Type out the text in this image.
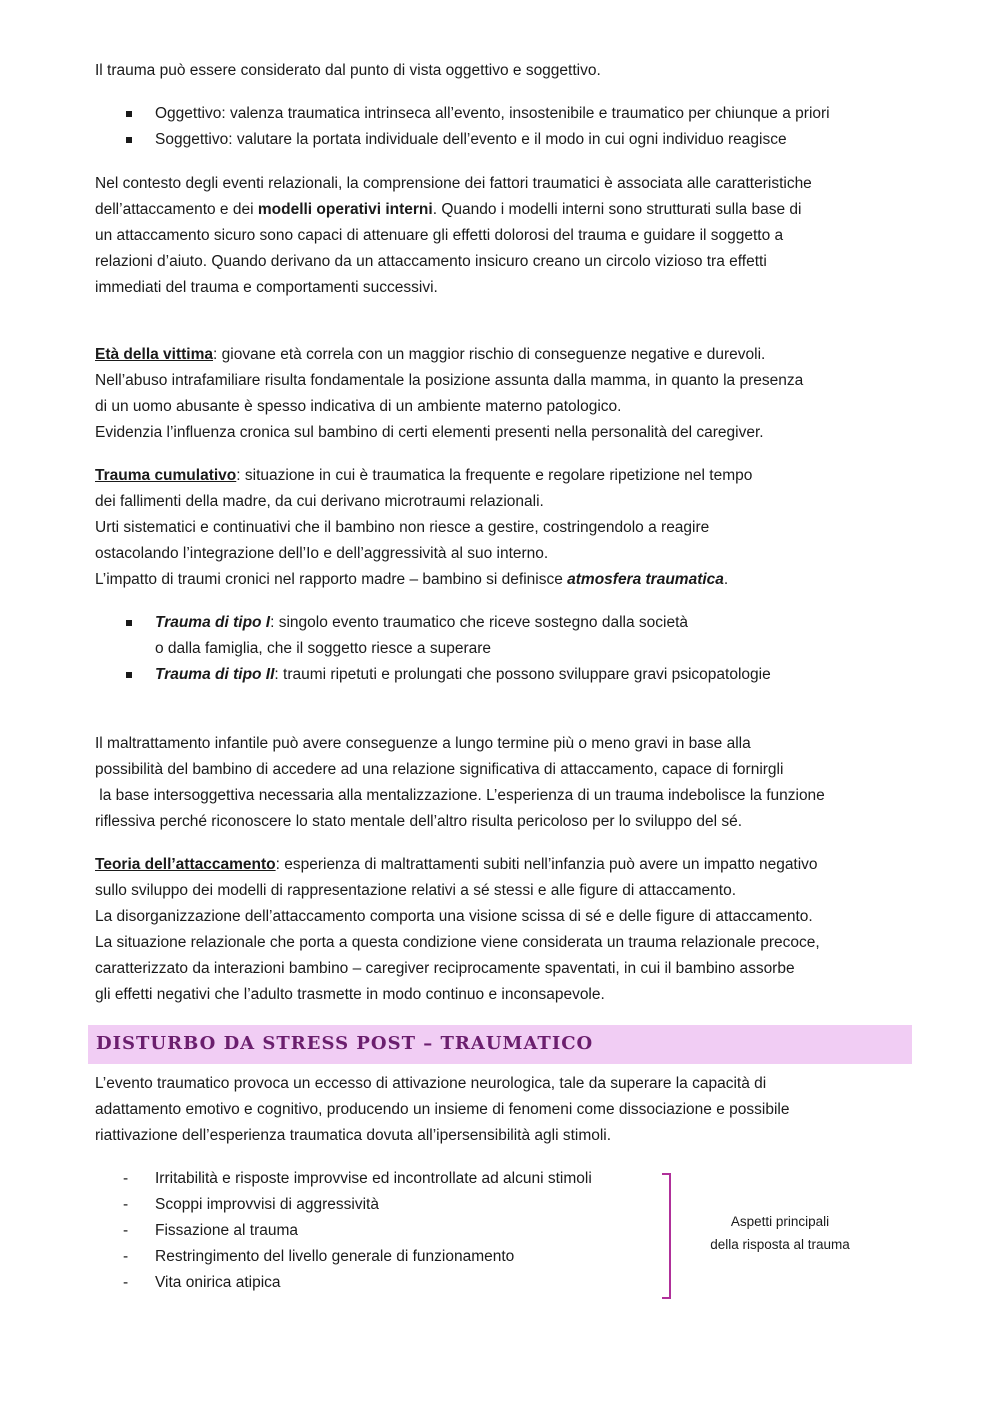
Il trauma può essere considerato dal punto di vista oggettivo e soggettivo.

Oggettivo: valenza traumatica intrinseca all’evento, insostenibile e traumatico per chiunque a priori
Soggettivo: valutare la portata individuale dell’evento e il modo in cui ogni individuo reagisce

Nel contesto degli eventi relazionali, la comprensione dei fattori traumatici è associata alle caratteristiche
dell’attaccamento e dei modelli operativi interni. Quando i modelli interni sono strutturati sulla base di
un attaccamento sicuro sono capaci di attenuare gli effetti dolorosi del trauma e guidare il soggetto a
relazioni d’aiuto. Quando derivano da un attaccamento insicuro creano un circolo vizioso tra effetti
immediati del trauma e comportamenti successivi.

Età della vittima: giovane età correla con un maggior rischio di conseguenze negative e durevoli.
Nell’abuso intrafamiliare risulta fondamentale la posizione assunta dalla mamma, in quanto la presenza
di un uomo abusante è spesso indicativa di un ambiente materno patologico.
Evidenzia l’influenza cronica sul bambino di certi elementi presenti nella personalità del caregiver.

Trauma cumulativo: situazione in cui è traumatica la frequente e regolare ripetizione nel tempo
dei fallimenti della madre, da cui derivano microtraumi relazionali.
Urti sistematici e continuativi che il bambino non riesce a gestire, costringendolo a reagire
ostacolando l’integrazione dell’Io e dell’aggressività al suo interno.
L’impatto di traumi cronici nel rapporto madre – bambino si definisce atmosfera traumatica.

Trauma di tipo I: singolo evento traumatico che riceve sostegno dalla società
o dalla famiglia, che il soggetto riesce a superare
Trauma di tipo II: traumi ripetuti e prolungati che possono sviluppare gravi psicopatologie

Il maltrattamento infantile può avere conseguenze a lungo termine più o meno gravi in base alla
possibilità del bambino di accedere ad una relazione significativa di attaccamento, capace di fornirgli
la base intersoggettiva necessaria alla mentalizzazione. L’esperienza di un trauma indebolisce la funzione
riflessiva perché riconoscere lo stato mentale dell’altro risulta pericoloso per lo sviluppo del sé.

Teoria dell’attaccamento: esperienza di maltrattamenti subiti nell’infanzia può avere un impatto negativo
sullo sviluppo dei modelli di rappresentazione relativi a sé stessi e alle figure di attaccamento.
La disorganizzazione dell’attaccamento comporta una visione scissa di sé e delle figure di attaccamento.
La situazione relazionale che porta a questa condizione viene considerata un trauma relazionale precoce,
caratterizzato da interazioni bambino – caregiver reciprocamente spaventati, in cui il bambino assorbe
gli effetti negativi che l’adulto trasmette in modo continuo e inconsapevole.

DISTURBO DA STRESS POST – TRAUMATICO

L’evento traumatico provoca un eccesso di attivazione neurologica, tale da superare la capacità di
adattamento emotivo e cognitivo, producendo un insieme di fenomeni come dissociazione e possibile
riattivazione dell’esperienza traumatica dovuta all’ipersensibilità agli stimoli.

- Irritabilità e risposte improvvise ed incontrollate ad alcuni stimoli
- Scoppi improvvisi di aggressività
- Fissazione al trauma
- Restringimento del livello generale di funzionamento
- Vita onirica atipica
Aspetti principali
della risposta al trauma
